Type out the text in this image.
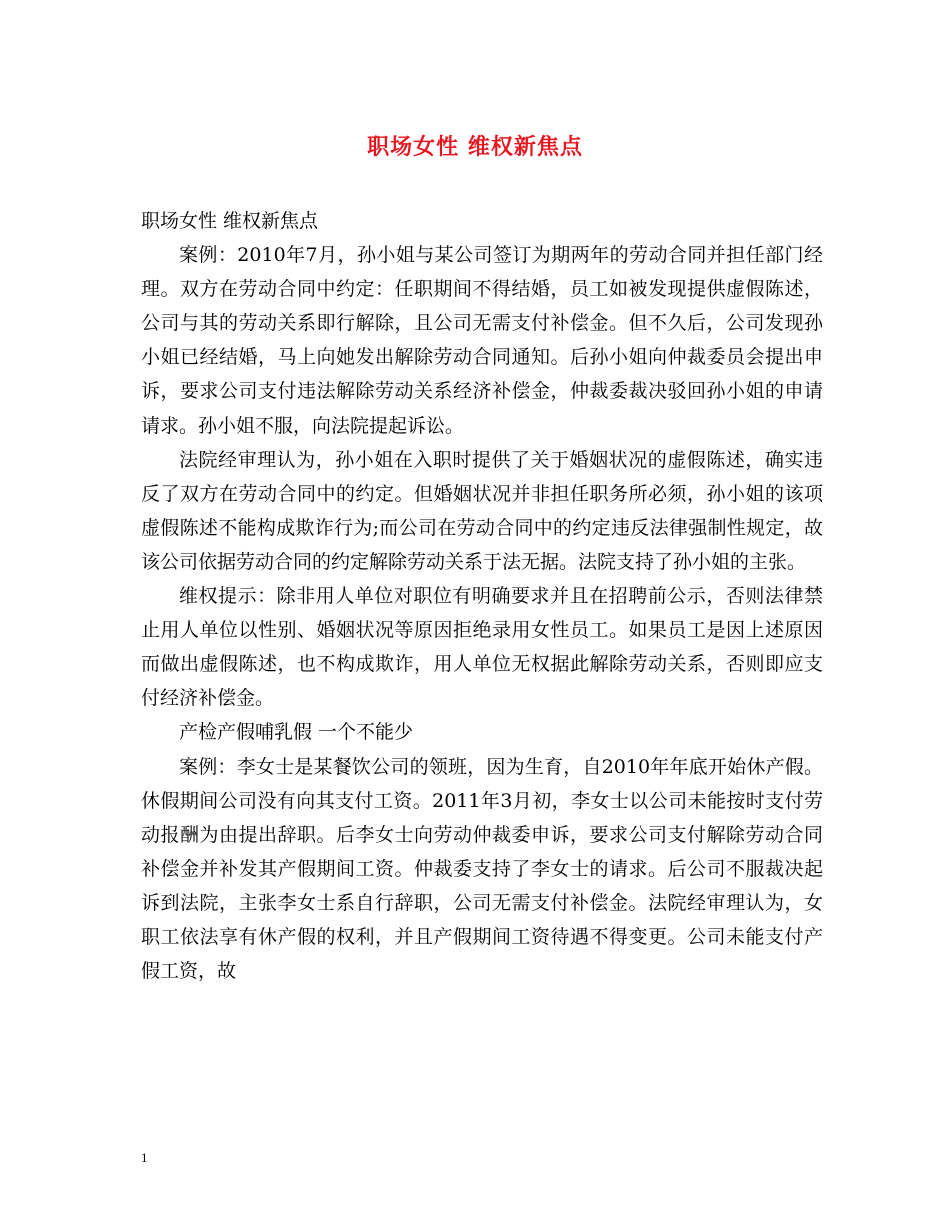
职场女性 维权新焦点

职场女性 维权新焦点

案例：2010年7月，孙小姐与某公司签订为期两年的劳动合同并担任部门经理。双方在劳动合同中约定：任职期间不得结婚，员工如被发现提供虚假陈述，公司与其的劳动关系即行解除，且公司无需支付补偿金。但不久后，公司发现孙小姐已经结婚，马上向她发出解除劳动合同通知。后孙小姐向仲裁委员会提出申诉，要求公司支付违法解除劳动关系经济补偿金，仲裁委裁决驳回孙小姐的申请请求。孙小姐不服，向法院提起诉讼。

法院经审理认为，孙小姐在入职时提供了关于婚姻状况的虚假陈述，确实违反了双方在劳动合同中的约定。但婚姻状况并非担任职务所必须，孙小姐的该项虚假陈述不能构成欺诈行为;而公司在劳动合同中的约定违反法律强制性规定，故该公司依据劳动合同的约定解除劳动关系于法无据。法院支持了孙小姐的主张。

维权提示：除非用人单位对职位有明确要求并且在招聘前公示，否则法律禁止用人单位以性别、婚姻状况等原因拒绝录用女性员工。如果员工是因上述原因而做出虚假陈述，也不构成欺诈，用人单位无权据此解除劳动关系，否则即应支付经济补偿金。

产检产假哺乳假 一个不能少

案例：李女士是某餐饮公司的领班，因为生育，自2010年年底开始休产假。休假期间公司没有向其支付工资。2011年3月初，李女士以公司未能按时支付劳动报酬为由提出辞职。后李女士向劳动仲裁委申诉，要求公司支付解除劳动合同补偿金并补发其产假期间工资。仲裁委支持了李女士的请求。后公司不服裁决起诉到法院，主张李女士系自行辞职，公司无需支付补偿金。法院经审理认为，女职工依法享有休产假的权利，并且产假期间工资待遇不得变更。公司未能支付产假工资，故

1
